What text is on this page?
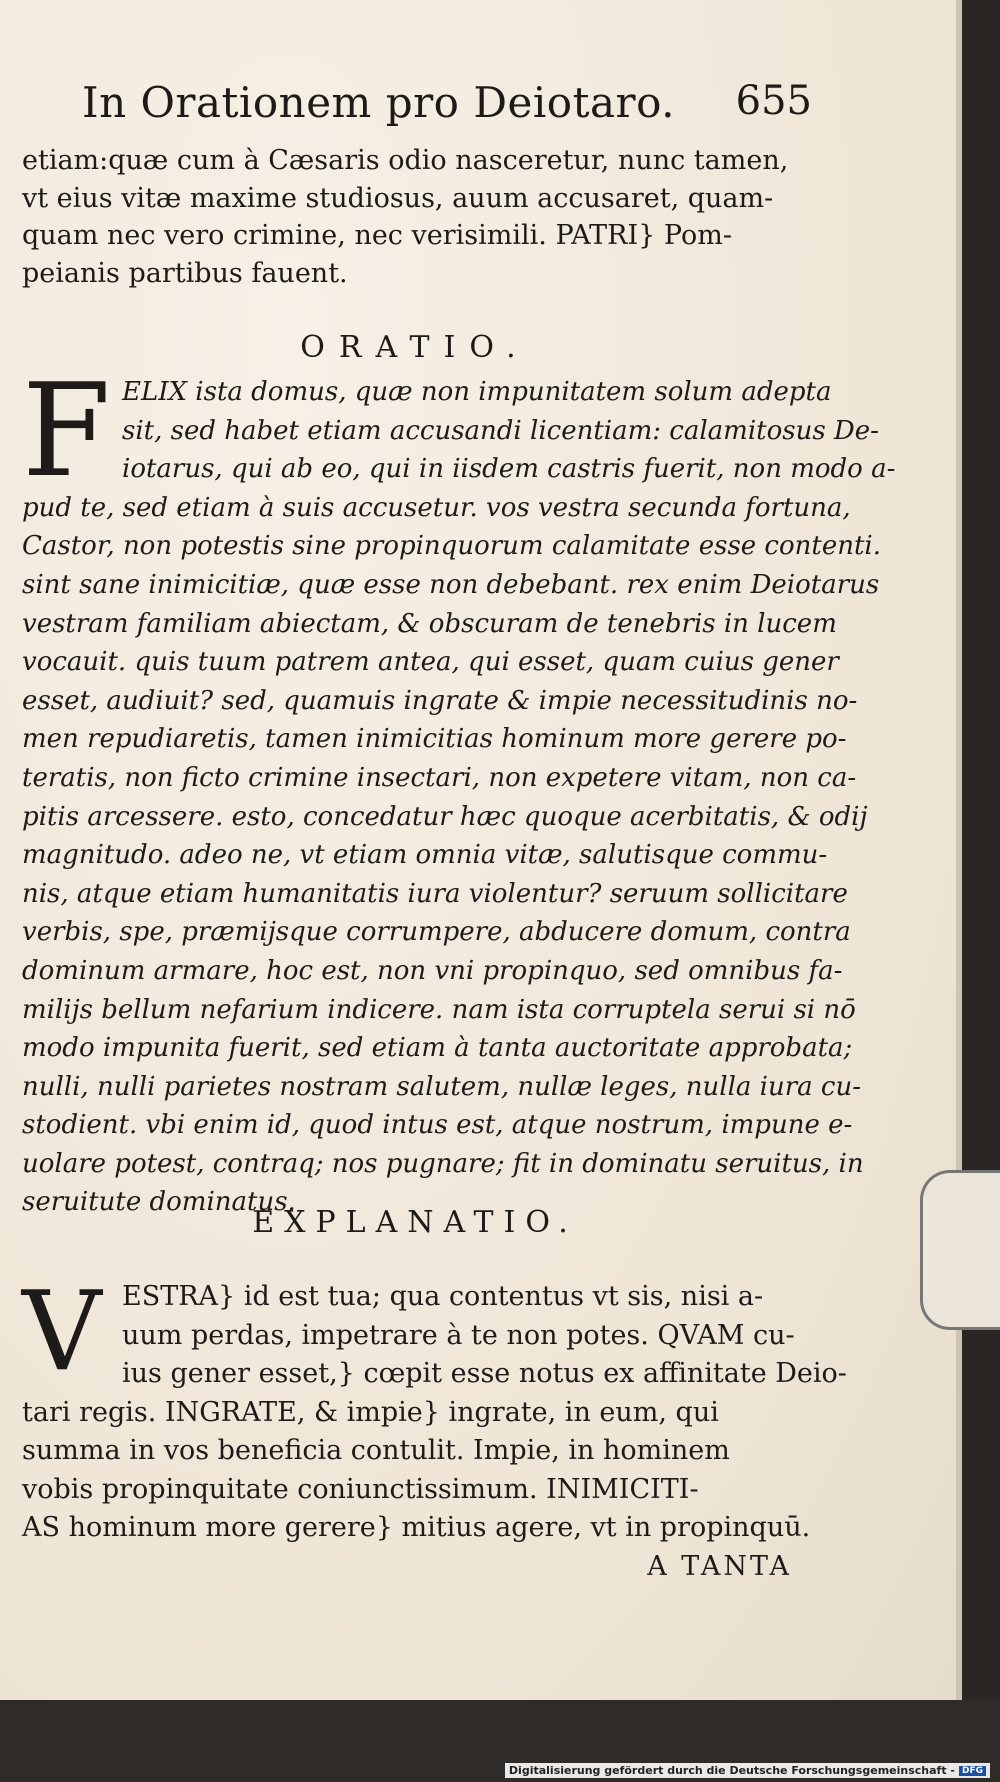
In Orationem pro Deiotaro. 655
etiam:quæ cum à Cæsaris odio nasceretur, nunc tamen,
vt eius vitæ maxime studiosus, auum accusaret, quam-
quam nec vero crimine, nec verisimili. PATRI} Pom-
peianis partibus fauent.
ORATIO.
F ELIX ista domus, quæ non impunitatem solum adepta
sit, sed habet etiam accusandi licentiam: calamitosus De-
iotarus, qui ab eo, qui in iisdem castris fuerit, non modo a-
pud te, sed etiam à suis accusetur. vos vestra secunda fortuna,
Castor, non potestis sine propinquorum calamitate esse contenti.
sint sane inimicitiæ, quæ esse non debebant. rex enim Deiotarus
vestram familiam abiectam, & obscuram de tenebris in lucem
vocauit. quis tuum patrem antea, qui esset, quam cuius gener
esset, audiuit? sed, quamuis ingrate & impie necessitudinis no-
men repudiaretis, tamen inimicitias hominum more gerere po-
teratis, non ficto crimine insectari, non expetere vitam, non ca-
pitis arcessere. esto, concedatur hæc quoque acerbitatis, & odij
magnitudo. adeo ne, vt etiam omnia vitæ, salutisque commu-
nis, atque etiam humanitatis iura violentur? seruum sollicitare
verbis, spe, præmijsque corrumpere, abducere domum, contra
dominum armare, hoc est, non vni propinquo, sed omnibus fa-
milijs bellum nefarium indicere. nam ista corruptela serui si nō
modo impunita fuerit, sed etiam à tanta auctoritate approbata;
nulli, nulli parietes nostram salutem, nullæ leges, nulla iura cu-
stodient. vbi enim id, quod intus est, atque nostrum, impune e-
uolare potest, contraq; nos pugnare; fit in dominatu seruitus, in
seruitute dominatus.
EXPLANATIO.
V ESTRA} id est tua; qua contentus vt sis, nisi a-
uum perdas, impetrare à te non potes. QVAM cu-
ius gener esset,} cœpit esse notus ex affinitate Deio-
tari regis. INGRATE, & impie} ingrate, in eum, qui
summa in vos beneficia contulit. Impie, in hominem
vobis propinquitate coniunctissimum. INIMICITI-
AS hominum more gerere} mitius agere, vt in propinquū.
A TANTA
Digitalisierung gefördert durch die Deutsche Forschungsgemeinschaft - DFG
